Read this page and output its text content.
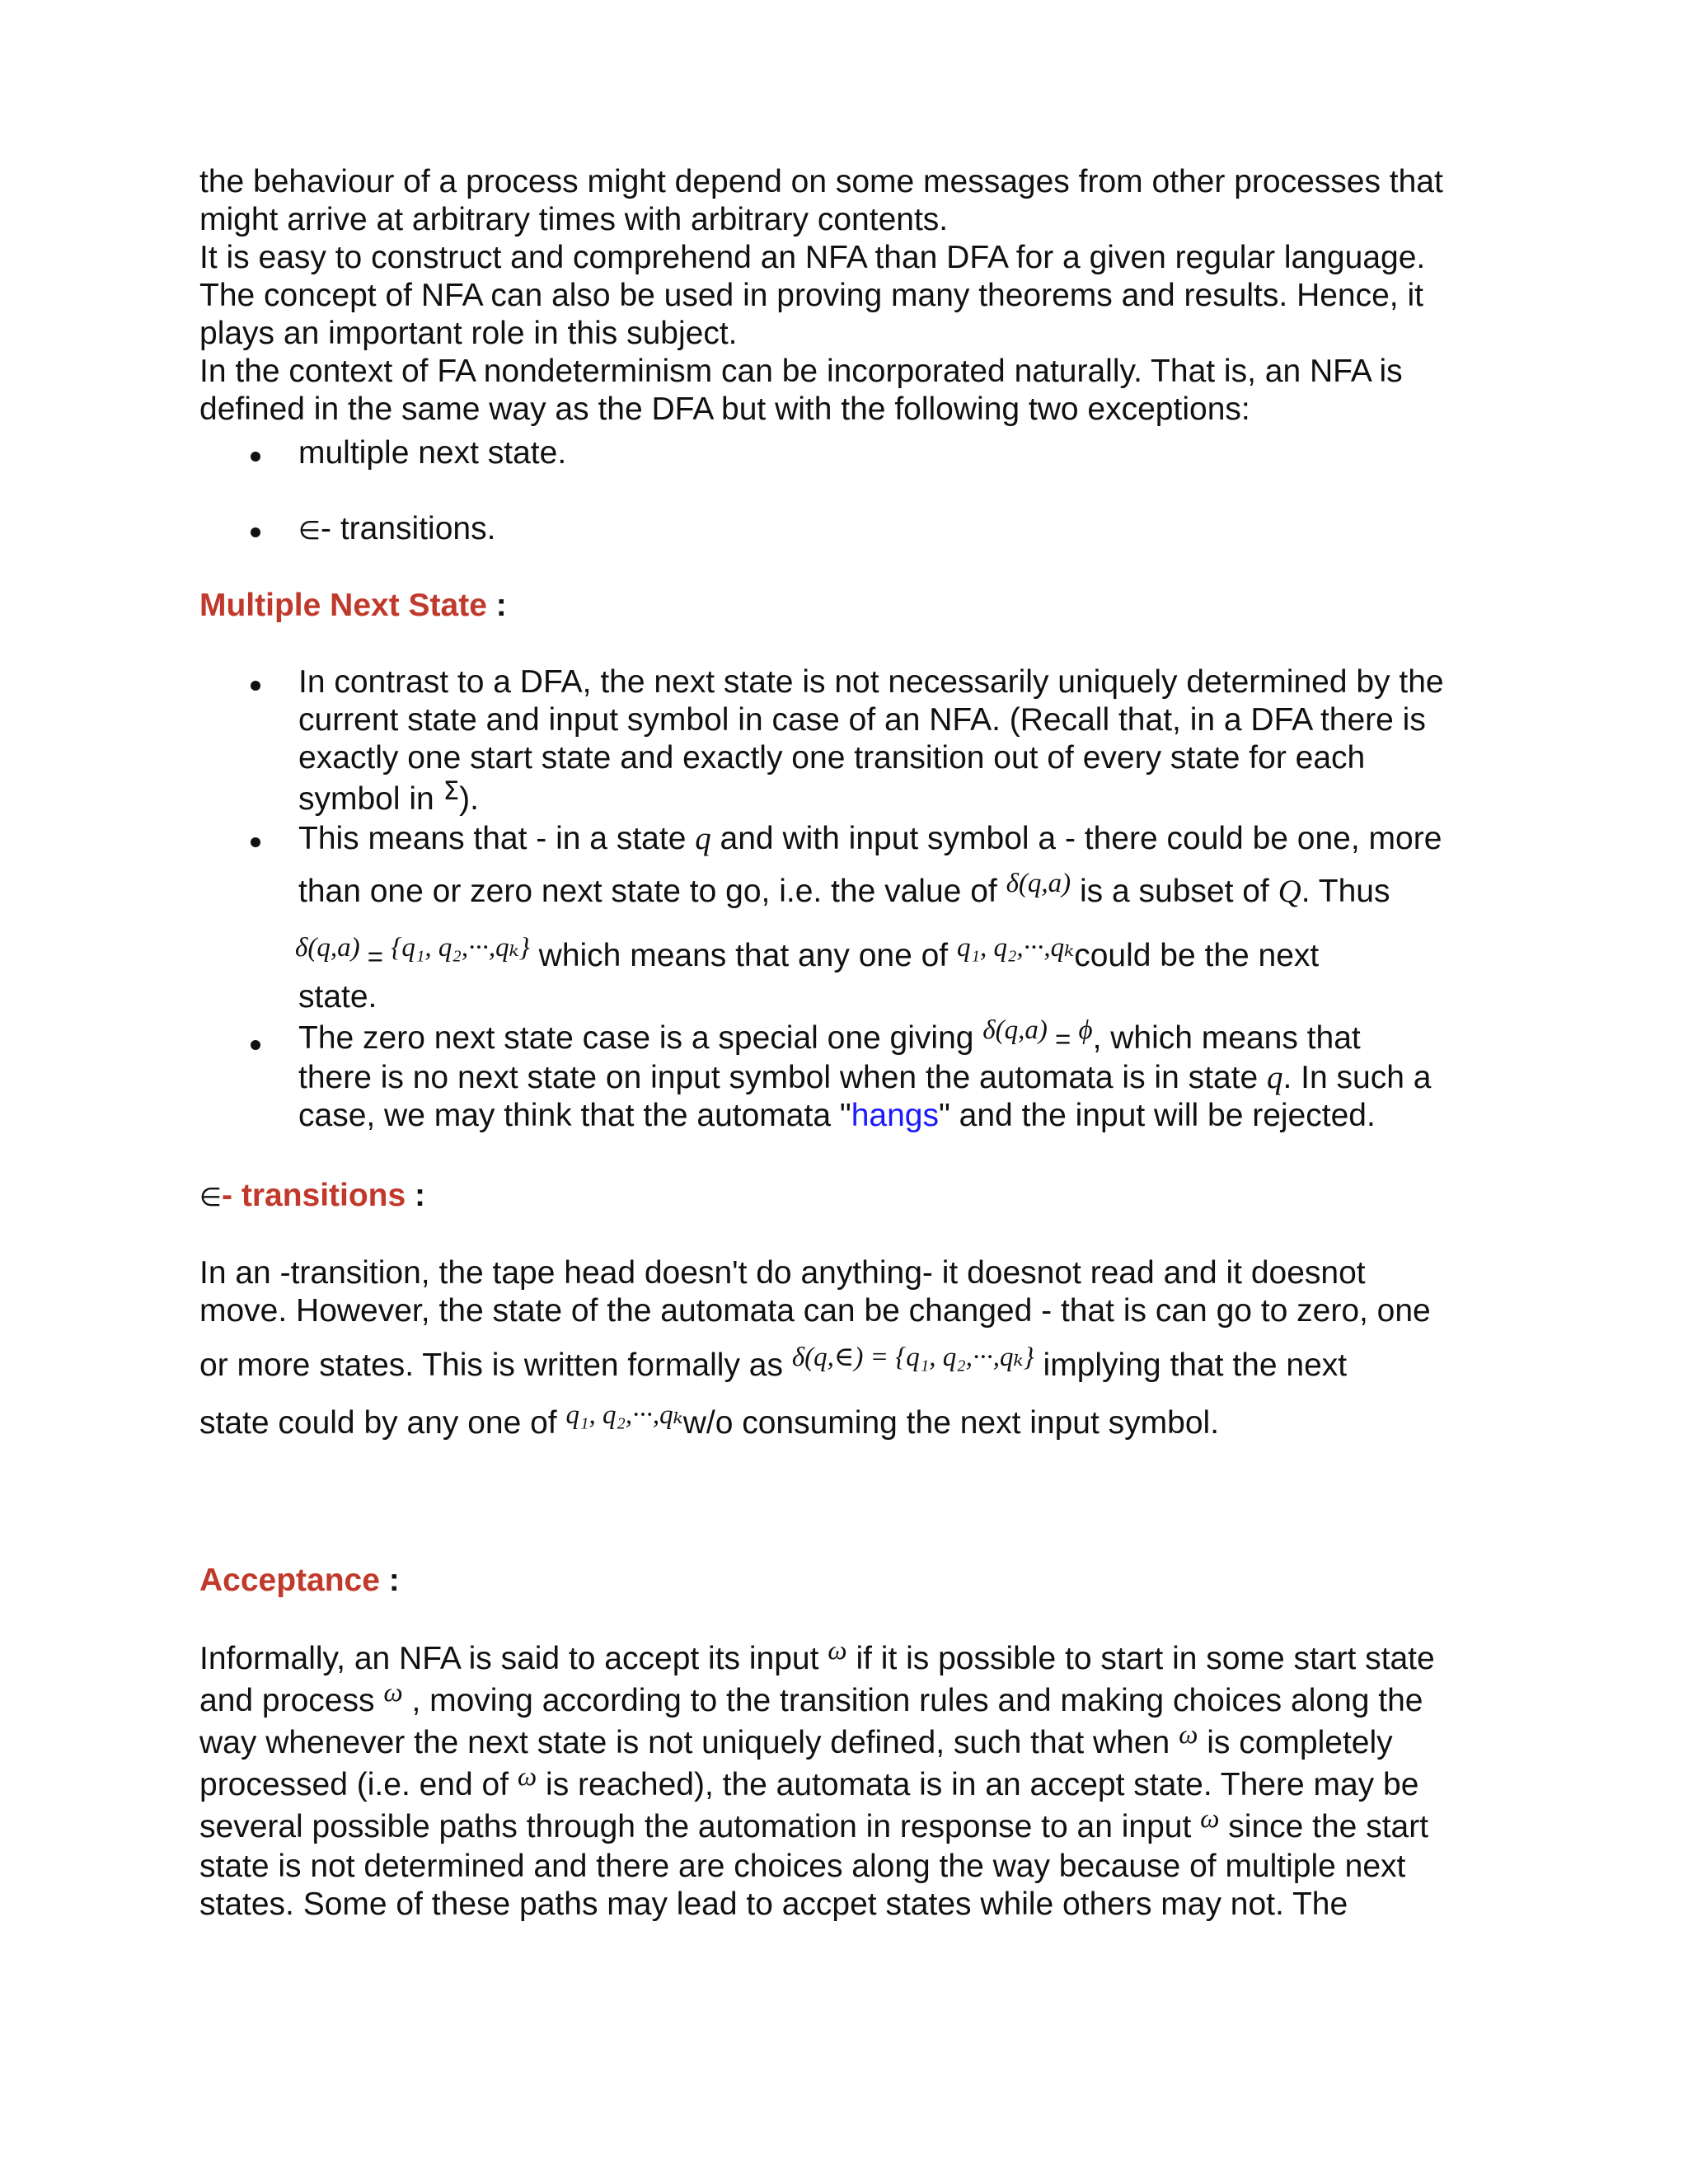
the behaviour of a process might depend on some messages from other processes that
might arrive at arbitrary times with arbitrary contents.
It is easy to construct and comprehend an NFA than DFA for a given regular language.
The concept of NFA can also be used in proving many theorems and results. Hence, it
plays an important role in this subject.
In the context of FA nondeterminism can be incorporated naturally. That is, an NFA is
defined in the same way as the DFA but with the following two exceptions:
multiple next state.
∈- transitions.
Multiple Next State :
In contrast to a DFA, the next state is not necessarily uniquely determined by the
current state and input symbol in case of an NFA. (Recall that, in a DFA there is
exactly one start state and exactly one transition out of every state for each
symbol in $^\Sigma$).
This means that - in a state q and with input symbol a - there could be one, more
than one or zero next state to go, i.e. the value of $^{\delta(q,a)}$ is a subset of Q. Thus
$^{\delta(q,a)}$ = $^{\{q_1, q_2,\cdot\cdot\cdot,q_k\}}$ which means that any one of $^{q_1, q_2,\cdot\cdot\cdot,q_k}$could be the next
state.
The zero next state case is a special one giving $^{\delta(q,a)}$ = $^\phi$, which means that
there is no next state on input symbol when the automata is in state q. In such a
case, we may think that the automata "hangs" and the input will be rejected.
∈- transitions :
In an -transition, the tape head doesn't do anything- it doesnot read and it doesnot
move. However, the state of the automata can be changed - that is can go to zero, one
or more states. This is written formally as $^{\delta(q,\in) = \{q_1, q_2,\cdot\cdot\cdot,q_k\}}$ implying that the next
state could by any one of $^{q_1, q_2,\cdot\cdot\cdot,q_k}$w/o consuming the next input symbol.
Acceptance :
Informally, an NFA is said to accept its input $^\omega$ if it is possible to start in some start state
and process $^\omega$ , moving according to the transition rules and making choices along the
way whenever the next state is not uniquely defined, such that when $^\omega$ is completely
processed (i.e. end of $^\omega$ is reached), the automata is in an accept state. There may be
several possible paths through the automation in response to an input $^\omega$ since the start
state is not determined and there are choices along the way because of multiple next
states. Some of these paths may lead to accpet states while others may not. The
